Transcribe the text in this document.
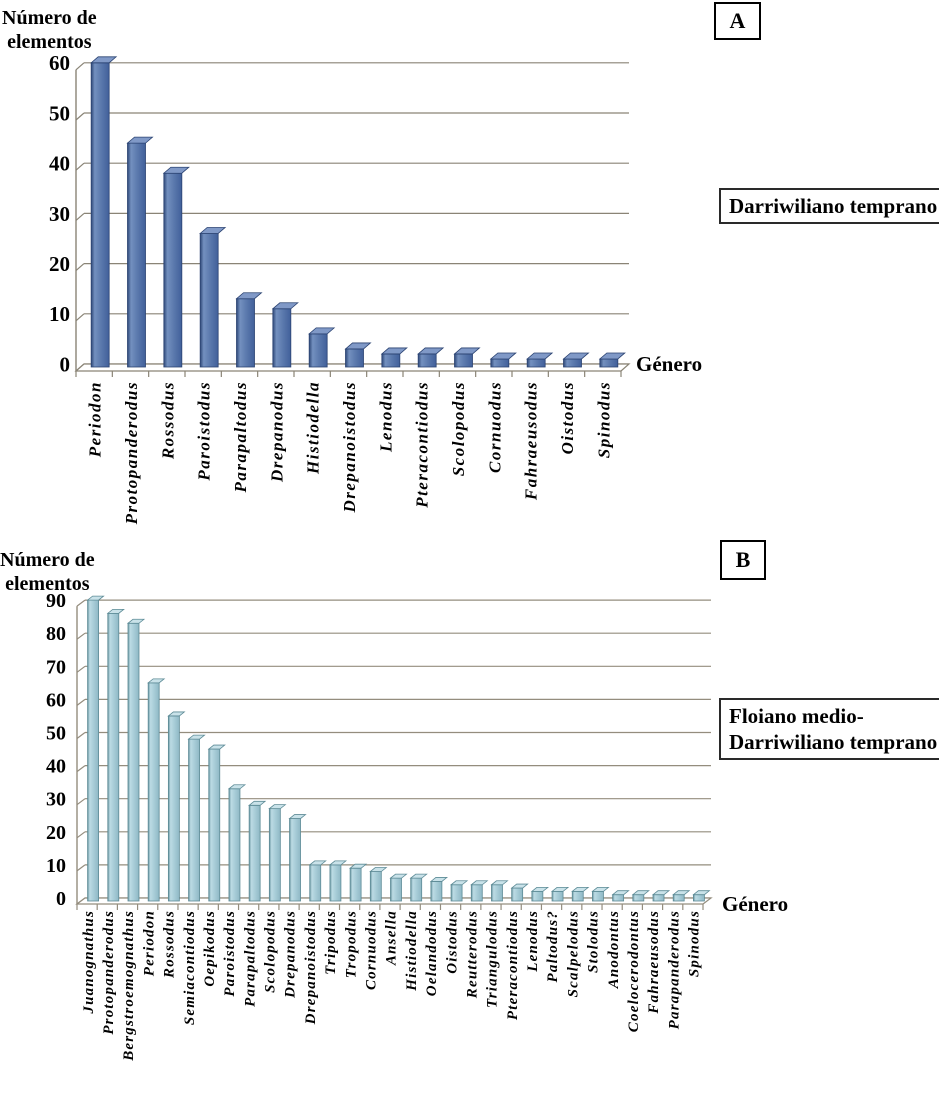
0
10
20
30
40
50
60
Periodon Protopanderodus Rossodus Paroistodus Parapaltodus Drepanodus Histiodella Drepanoistodus Lenodus Pteracontiodus Scolopodus Cornuodus Fahraeusodus Oistodus Spinodus
0
10
20
30
40
50
60
70
80
90
Juanognathus Protopanderodus Bergstroemognathus Periodon Rossodus Semiacontiodus Oepikodus Paroistodus Parapaltodus Scolopodus Drepanodus Drepanoistodus Tripodus Tropodus Cornuodus Ansella Histiodella Oelandodus Oistodus Reutterodus Triangulodus Pteracontiodus Lenodus Paltodus? Scalpelodus Stolodus Anodontus Coelocerodontus Fahraeusodus Parapanderodus Spinodus
Número de
elementos
A
Darriwiliano temprano
Género
Número de
elementos
B
Floiano medio-
Darriwiliano temprano
Género
